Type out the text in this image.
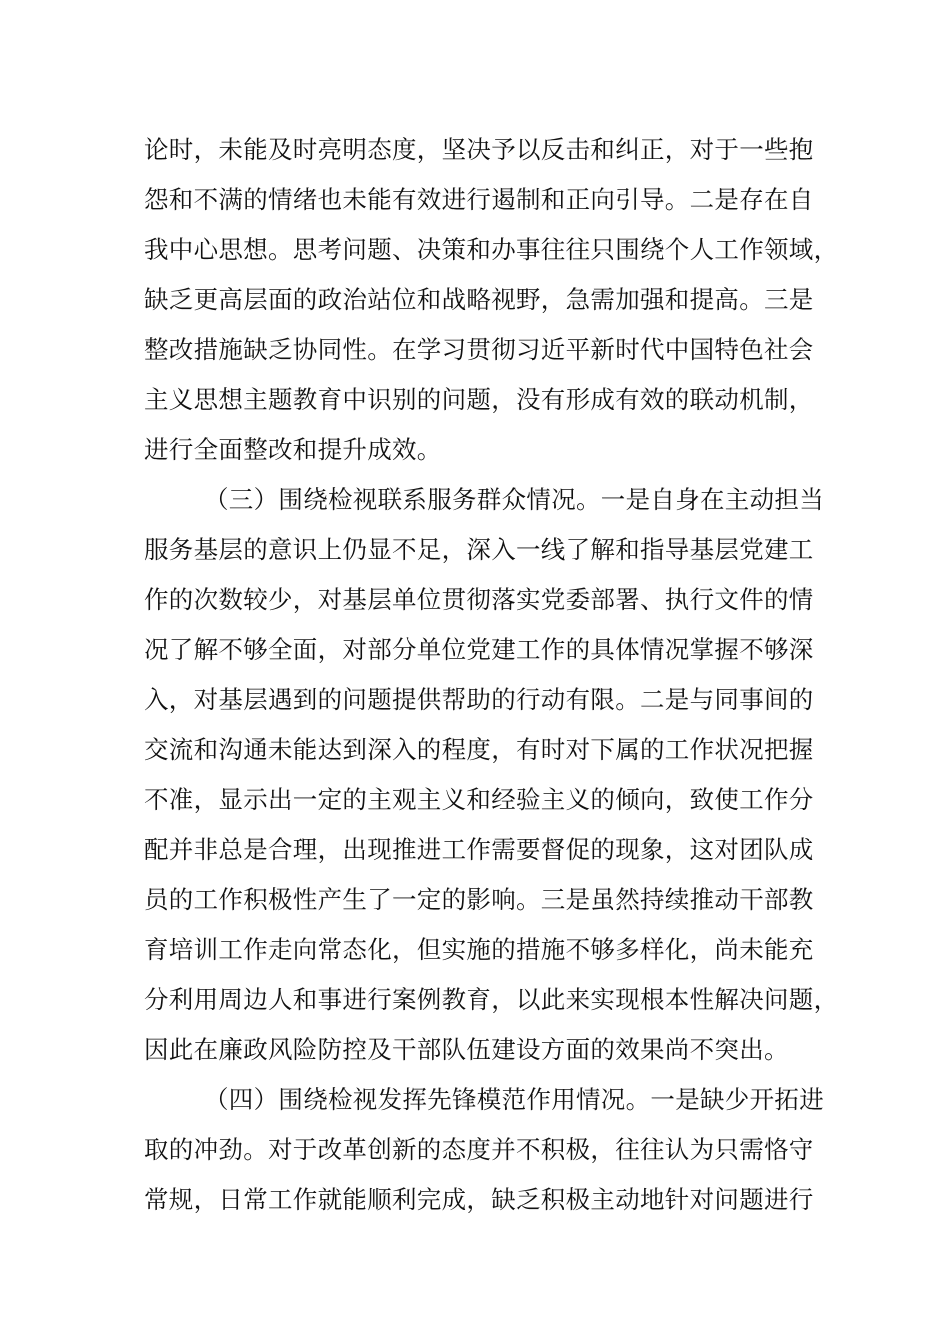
论时，未能及时亮明态度，坚决予以反击和纠正，对于一些抱
怨和不满的情绪也未能有效进行遏制和正向引导。二是存在自
我中心思想。思考问题、决策和办事往往只围绕个人工作领域，
缺乏更高层面的政治站位和战略视野，急需加强和提高。三是
整改措施缺乏协同性。在学习贯彻习近平新时代中国特色社会
主义思想主题教育中识别的问题，没有形成有效的联动机制，
进行全面整改和提升成效。
（三）围绕检视联系服务群众情况。一是自身在主动担当
服务基层的意识上仍显不足，深入一线了解和指导基层党建工
作的次数较少，对基层单位贯彻落实党委部署、执行文件的情
况了解不够全面，对部分单位党建工作的具体情况掌握不够深
入，对基层遇到的问题提供帮助的行动有限。二是与同事间的
交流和沟通未能达到深入的程度，有时对下属的工作状况把握
不准，显示出一定的主观主义和经验主义的倾向，致使工作分
配并非总是合理，出现推进工作需要督促的现象，这对团队成
员的工作积极性产生了一定的影响。三是虽然持续推动干部教
育培训工作走向常态化，但实施的措施不够多样化，尚未能充
分利用周边人和事进行案例教育，以此来实现根本性解决问题，
因此在廉政风险防控及干部队伍建设方面的效果尚不突出。
（四）围绕检视发挥先锋模范作用情况。一是缺少开拓进
取的冲劲。对于改革创新的态度并不积极，往往认为只需恪守
常规，日常工作就能顺利完成，缺乏积极主动地针对问题进行
